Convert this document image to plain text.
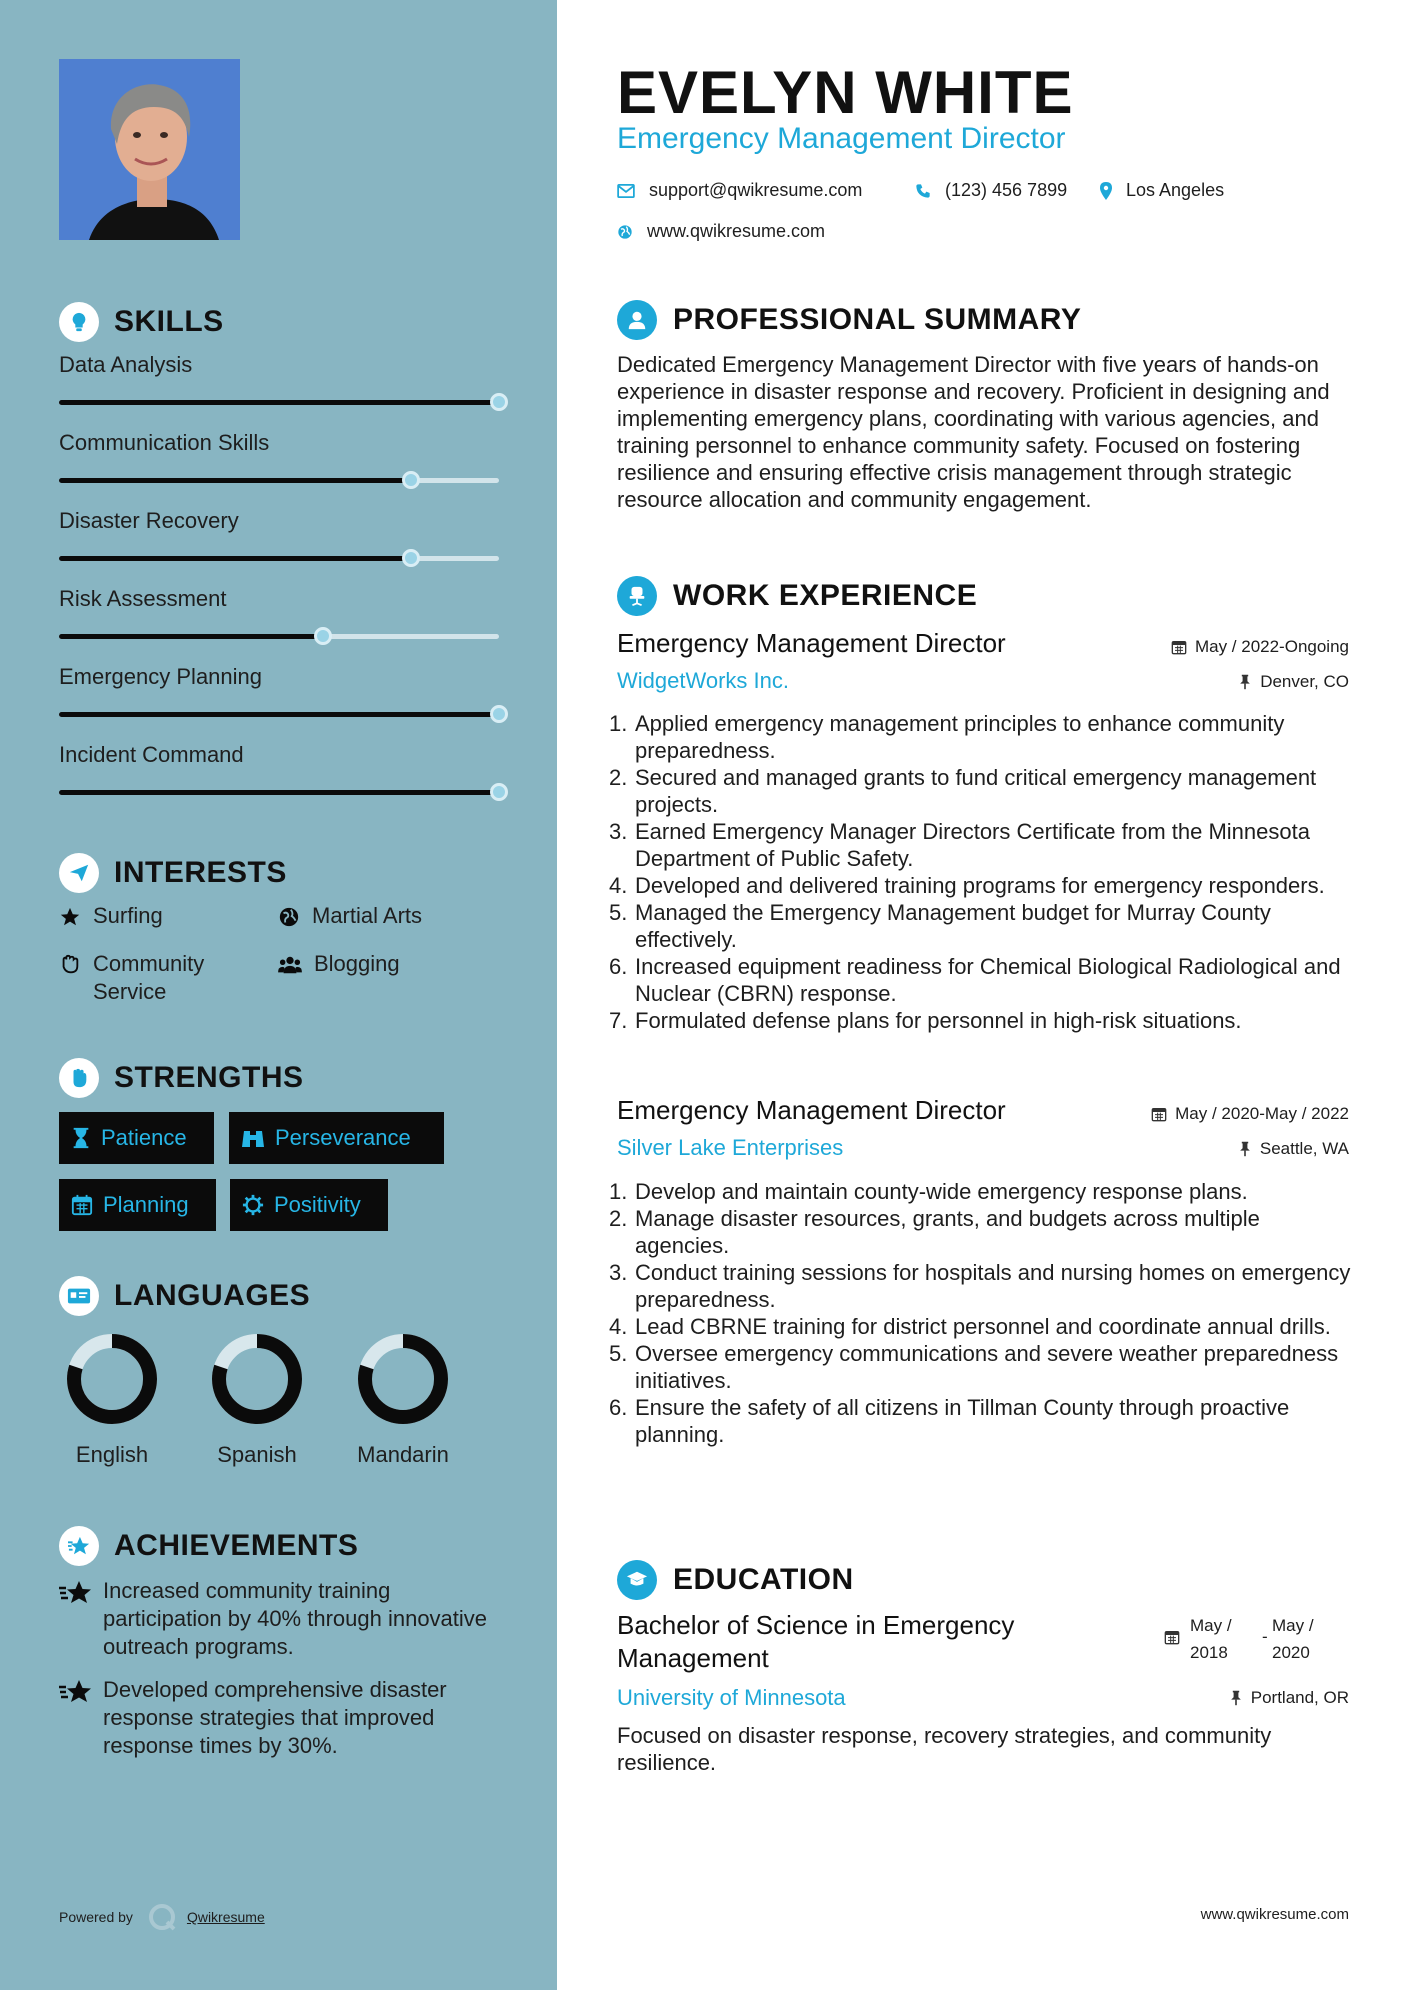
SKILLS
Data Analysis
Communication Skills
Disaster Recovery
Risk Assessment
Emergency Planning
Incident Command
INTERESTS
Surfing	Martial Arts
Community Service
Blogging
STRENGTHS
Patience	Perseverance
Planning	Positivity
LANGUAGES
English	Spanish	Mandarin
ACHIEVEMENTS
Increased community training participation by 40% through innovative outreach programs.
Developed comprehensive disaster response strategies that improved response times by 30%.
Powered by	Qwikresume
EVELYN WHITE
Emergency Management Director
support@qwikresume.com	(123) 456 7899	Los Angeles
www.qwikresume.com
PROFESSIONAL SUMMARY
Dedicated Emergency Management Director with five years of hands-on experience in disaster response and recovery. Proficient in designing and implementing emergency plans, coordinating with various agencies, and training personnel to enhance community safety. Focused on fostering resilience and ensuring effective crisis management through strategic resource allocation and community engagement.
WORK EXPERIENCE
Emergency Management Director	May / 2022-Ongoing
WidgetWorks Inc.	Denver, CO
Applied emergency management principles to enhance community preparedness.
Secured and managed grants to fund critical emergency management projects.
Earned Emergency Manager Directors Certificate from the Minnesota Department of Public Safety.
Developed and delivered training programs for emergency responders.
Managed the Emergency Management budget for Murray County effectively.
Increased equipment readiness for Chemical Biological Radiological and Nuclear (CBRN) response.
Formulated defense plans for personnel in high-risk situations.
Emergency Management Director	May / 2020-May / 2022
Silver Lake Enterprises	Seattle, WA
Develop and maintain county-wide emergency response plans.
Manage disaster resources, grants, and budgets across multiple agencies.
Conduct training sessions for hospitals and nursing homes on emergency preparedness.
Lead CBRNE training for district personnel and coordinate annual drills.
Oversee emergency communications and severe weather preparedness initiatives.
Ensure the safety of all citizens in Tillman County through proactive planning.
EDUCATION
Bachelor of Science in Emergency Management
May / 2018
-
May / 2020
University of Minnesota	Portland, OR
Focused on disaster response, recovery strategies, and community resilience.
www.qwikresume.com
